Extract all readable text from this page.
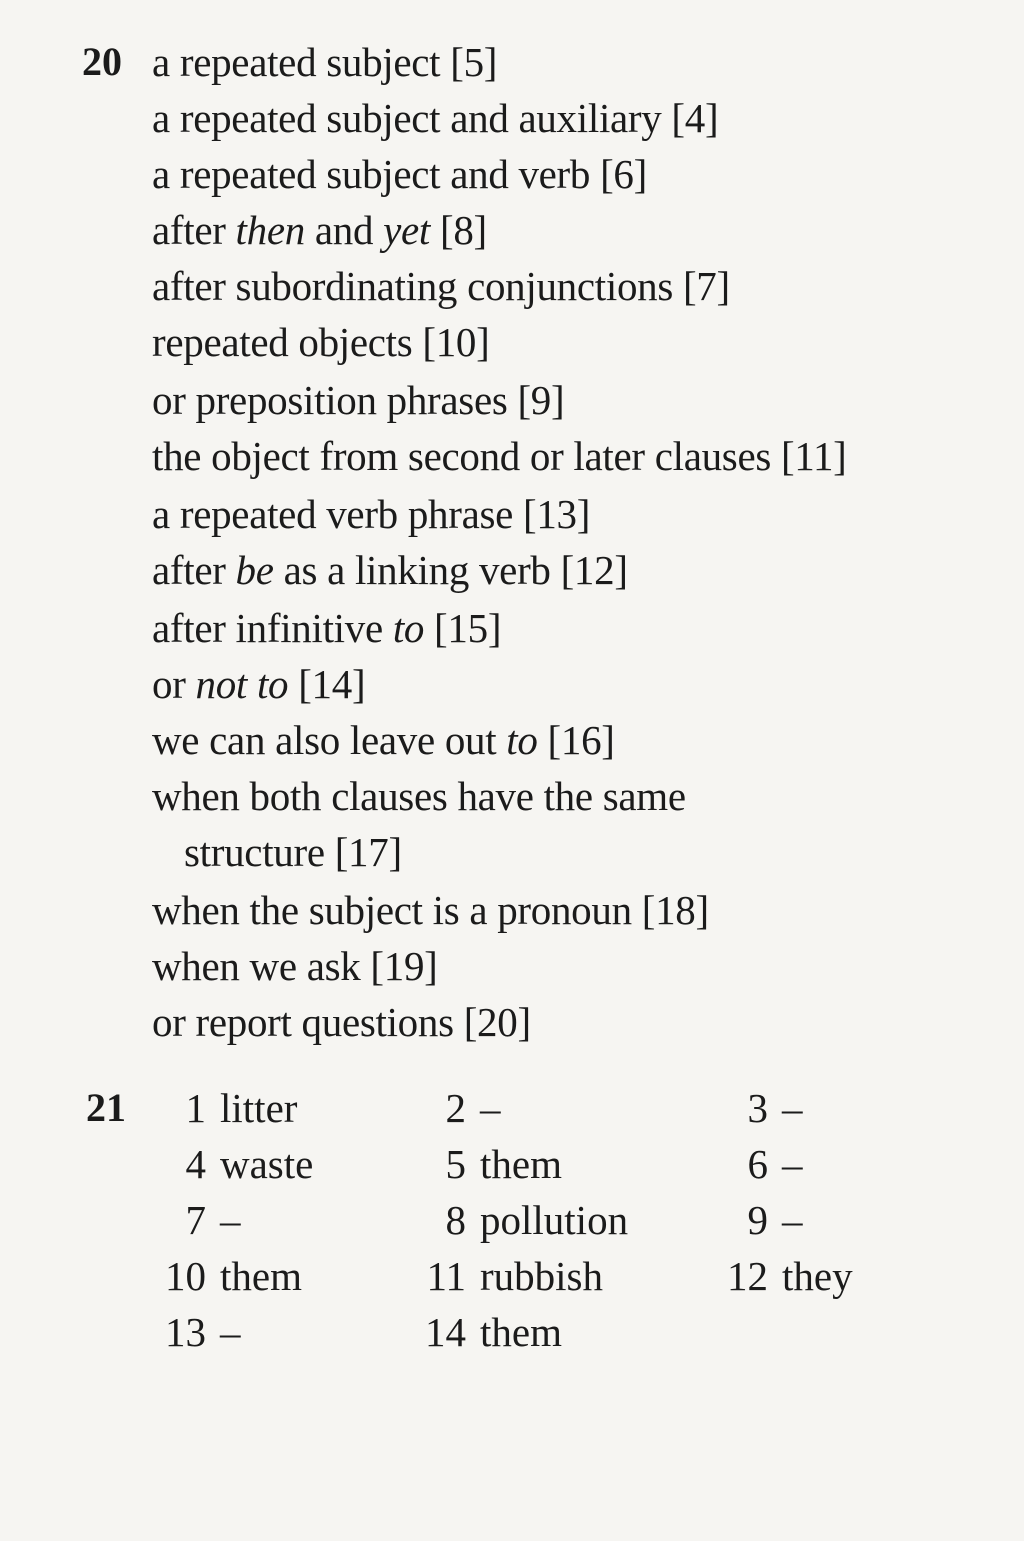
20 a repeated subject [5]
a repeated subject and auxiliary [4]
a repeated subject and verb [6]
after then and yet [8]
after subordinating conjunctions [7]
repeated objects [10]
or preposition phrases [9]
the object from second or later clauses [11]
a repeated verb phrase [13]
after be as a linking verb [12]
after infinitive to [15]
or not to [14]
we can also leave out to [16]
when both clauses have the same
structure [17]
when the subject is a pronoun [18]
when we ask [19]
or report questions [20]
21	1 litter	2 –	3 –
4 waste	5 them	6 –
7 –	8 pollution	9 –
10 them	11 rubbish	12 they
13 –	14 them
